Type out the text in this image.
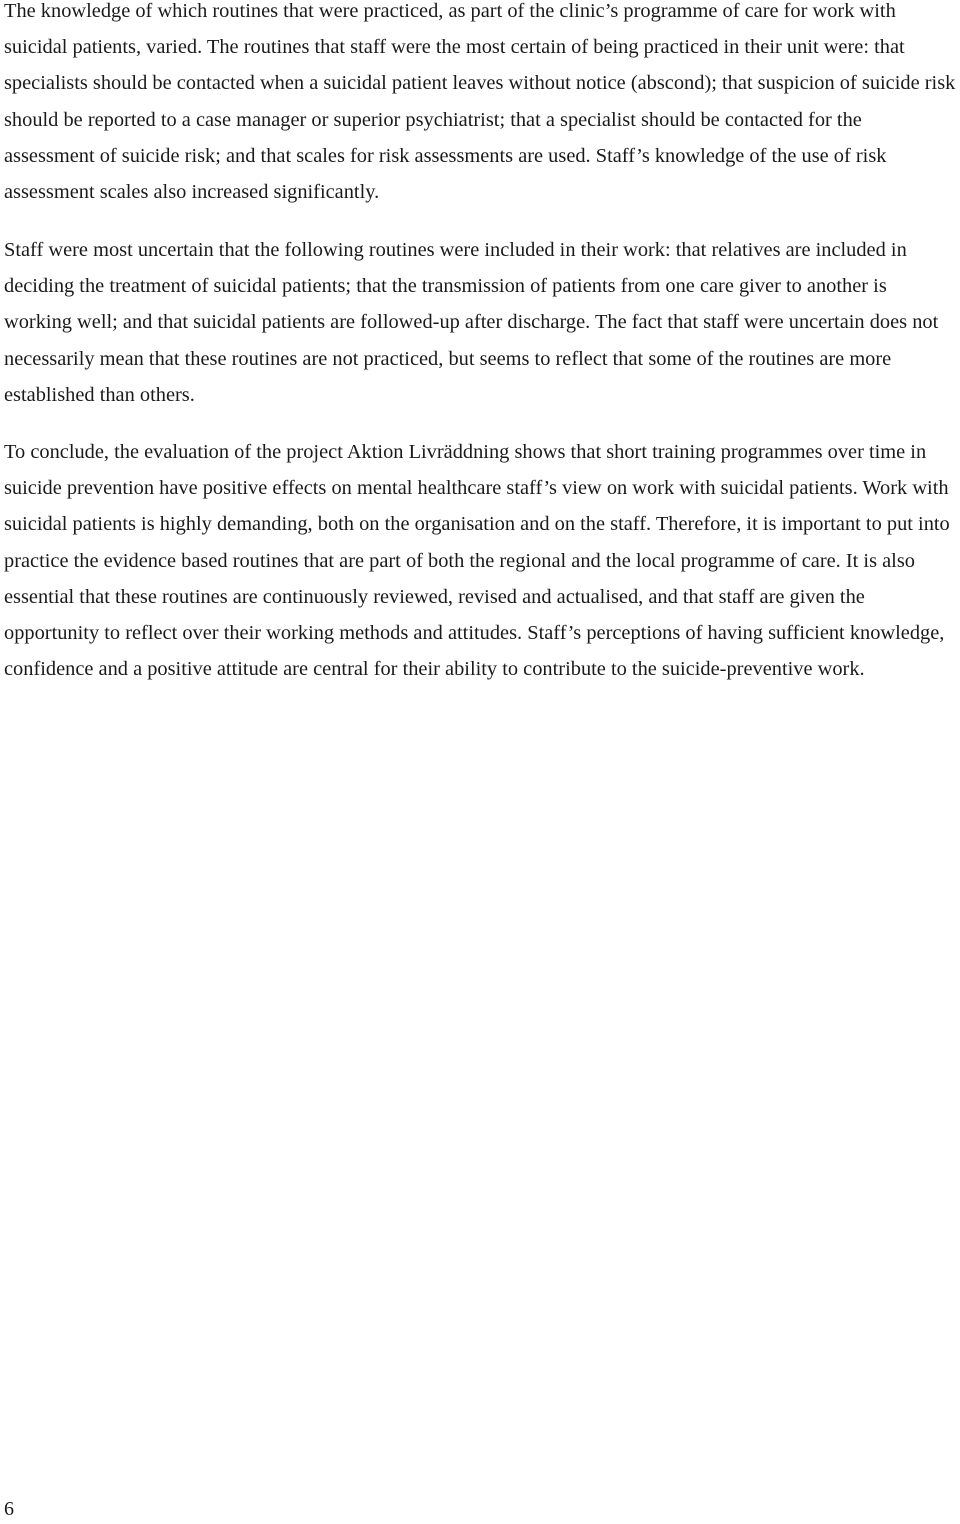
The knowledge of which routines that were practiced, as part of the clinic’s programme of care for work with suicidal patients, varied. The routines that staff were the most certain of being practiced in their unit were: that specialists should be contacted when a suicidal patient leaves without notice (abscond); that suspicion of suicide risk should be reported to a case manager or superior psychiatrist; that a specialist should be contacted for the assessment of suicide risk; and that scales for risk assessments are used. Staff’s knowledge of the use of risk assessment scales also increased significantly.

Staff were most uncertain that the following routines were included in their work: that relatives are included in deciding the treatment of suicidal patients; that the transmission of patients from one care giver to another is working well; and that suicidal patients are followed-up after discharge. The fact that staff were uncertain does not necessarily mean that these routines are not practiced, but seems to reflect that some of the routines are more established than others.

To conclude, the evaluation of the project Aktion Livräddning shows that short training programmes over time in suicide prevention have positive effects on mental healthcare staff’s view on work with suicidal patients. Work with suicidal patients is highly demanding, both on the organisation and on the staff. Therefore, it is important to put into practice the evidence based routines that are part of both the regional and the local programme of care. It is also essential that these routines are continuously reviewed, revised and actualised, and that staff are given the opportunity to reflect over their working methods and attitudes. Staff’s perceptions of having sufficient knowledge, confidence and a positive attitude are central for their ability to contribute to the suicide-preventive work.

6
